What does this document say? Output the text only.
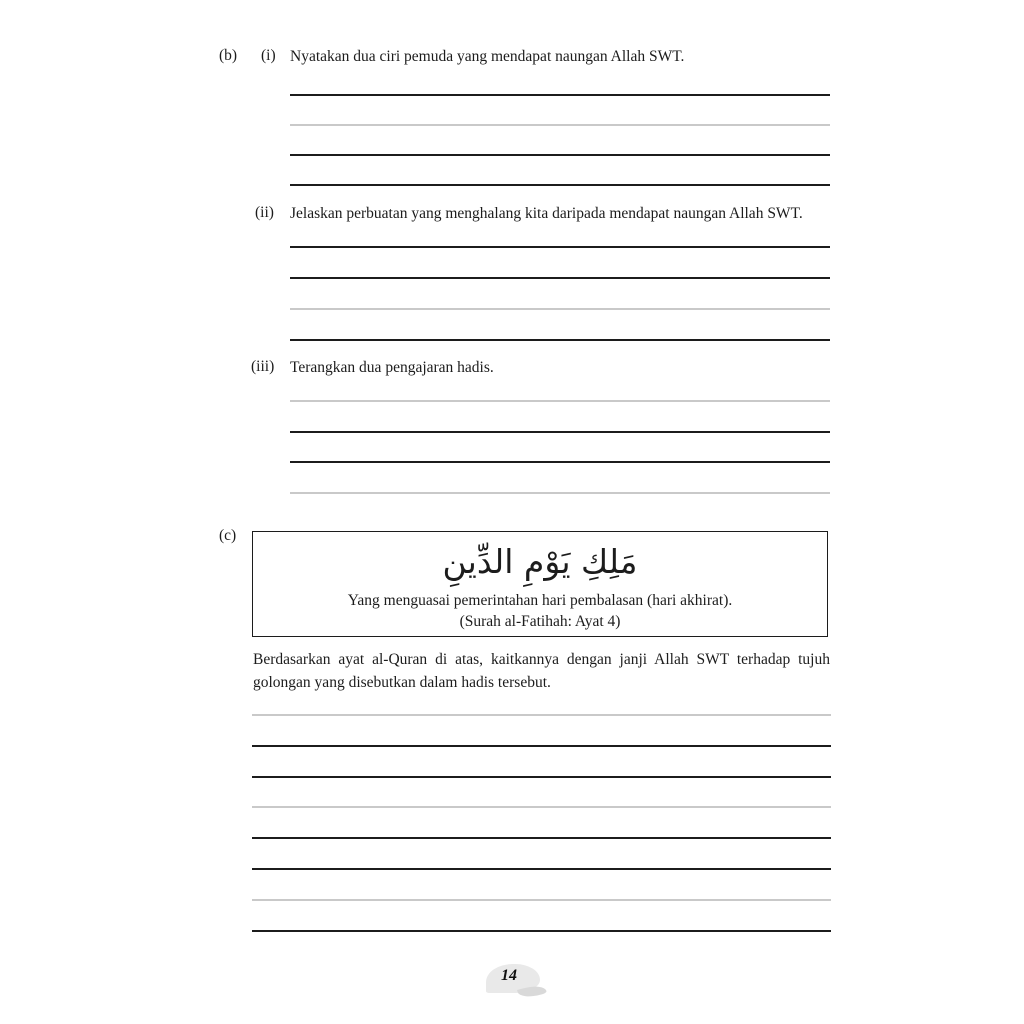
(b) (i) Nyatakan dua ciri pemuda yang mendapat naungan Allah SWT.
(ii) Jelaskan perbuatan yang menghalang kita daripada mendapat naungan Allah SWT.
(iii) Terangkan dua pengajaran hadis.
(c)
مَلِكِ يَوْمِ الدِّينِ
Yang menguasai pemerintahan hari pembalasan (hari akhirat).
(Surah al-Fatihah: Ayat 4)
Berdasarkan ayat al-Quran di atas, kaitkannya dengan janji Allah SWT terhadap tujuh golongan yang disebutkan dalam hadis tersebut.
14
